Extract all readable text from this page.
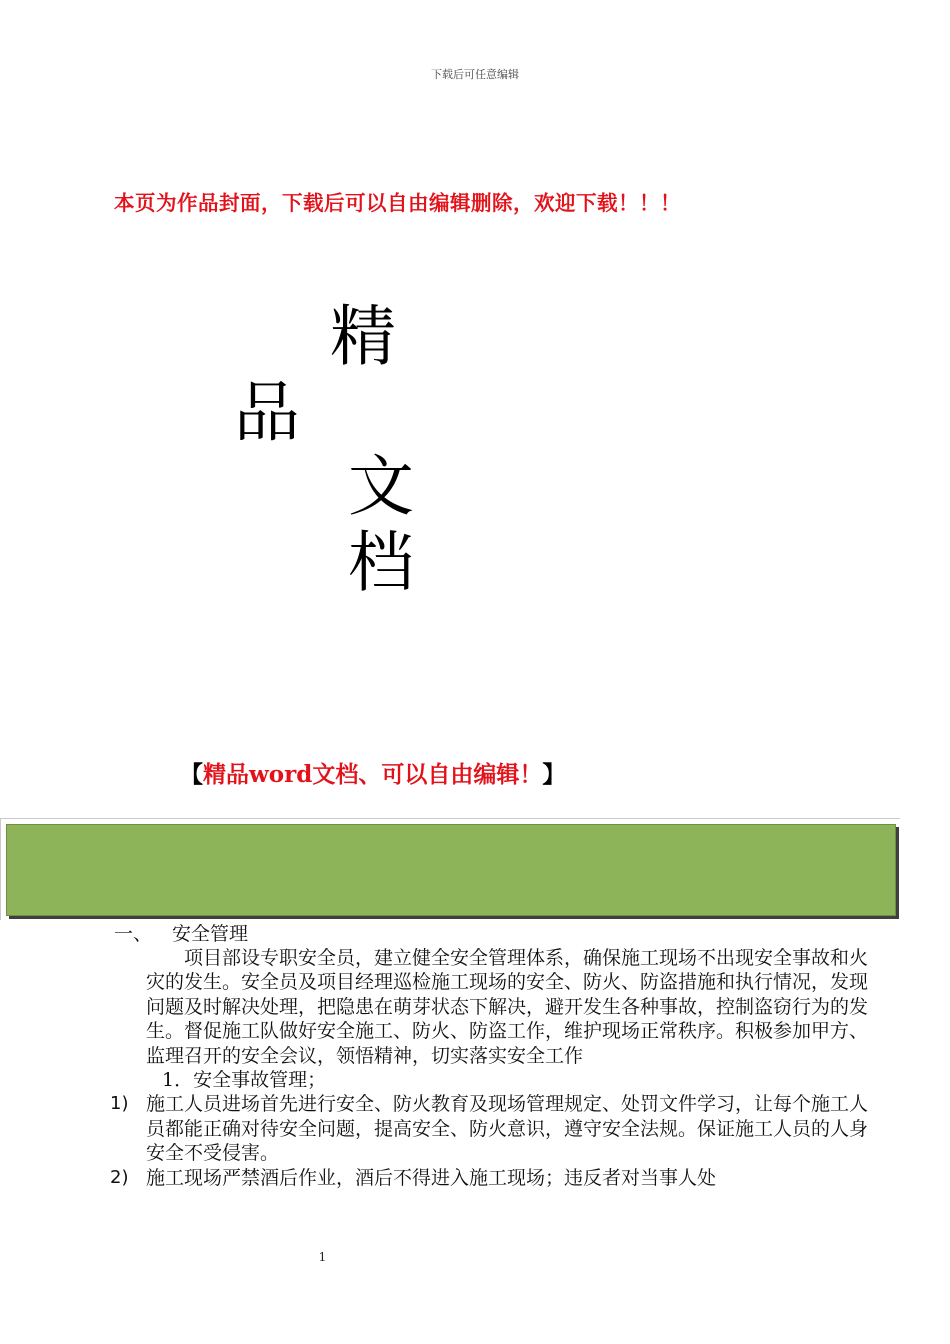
下载后可任意编辑
本页为作品封面，下载后可以自由编辑删除，欢迎下载！！！
精
品
文
档
【精品word文档、可以自由编辑！】
一、 安全管理
项目部设专职安全员，建立健全安全管理体系，确保施工现场不出现安全事故和火灾的发生。安全员及项目经理巡检施工现场的安全、防火、防盗措施和执行情况，发现问题及时解决处理，把隐患在萌芽状态下解决，避开发生各种事故，控制盗窃行为的发生。督促施工队做好安全施工、防火、防盗工作，维护现场正常秩序。积极参加甲方、监理召开的安全会议，领悟精神，切实落实安全工作
1．安全事故管理；
1) 施工人员进场首先进行安全、防火教育及现场管理规定、处罚文件学习，让每个施工人员都能正确对待安全问题，提高安全、防火意识，遵守安全法规。保证施工人员的人身安全不受侵害。
2) 施工现场严禁酒后作业，酒后不得进入施工现场；违反者对当事人处
1
